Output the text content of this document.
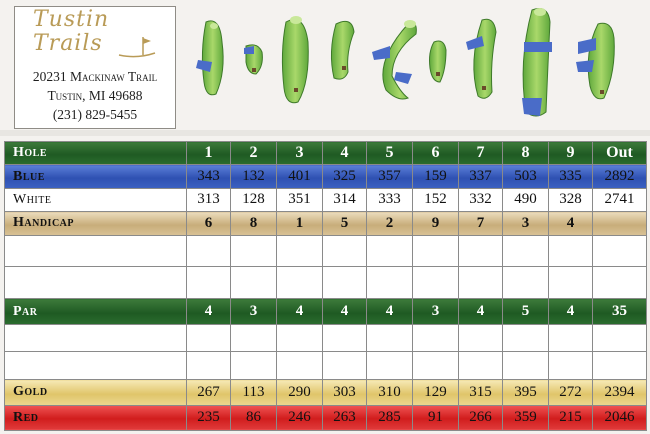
Tustin
Trails
20231 Mackinaw Trail
Tustin, MI 49688
(231) 829-5455
Hole	1	2	3	4	5	6	7	8	9	Out
Blue	343	132	401	325	357	159	337	503	335	2892
White	313	128	351	314	333	152	332	490	328	2741
Handicap	6	8	1	5	2	9	7	3	4	

Par	4	3	4	4	4	3	4	5	4	35

Gold	267	113	290	303	310	129	315	395	272	2394
Red	235	86	246	263	285	91	266	359	215	2046
